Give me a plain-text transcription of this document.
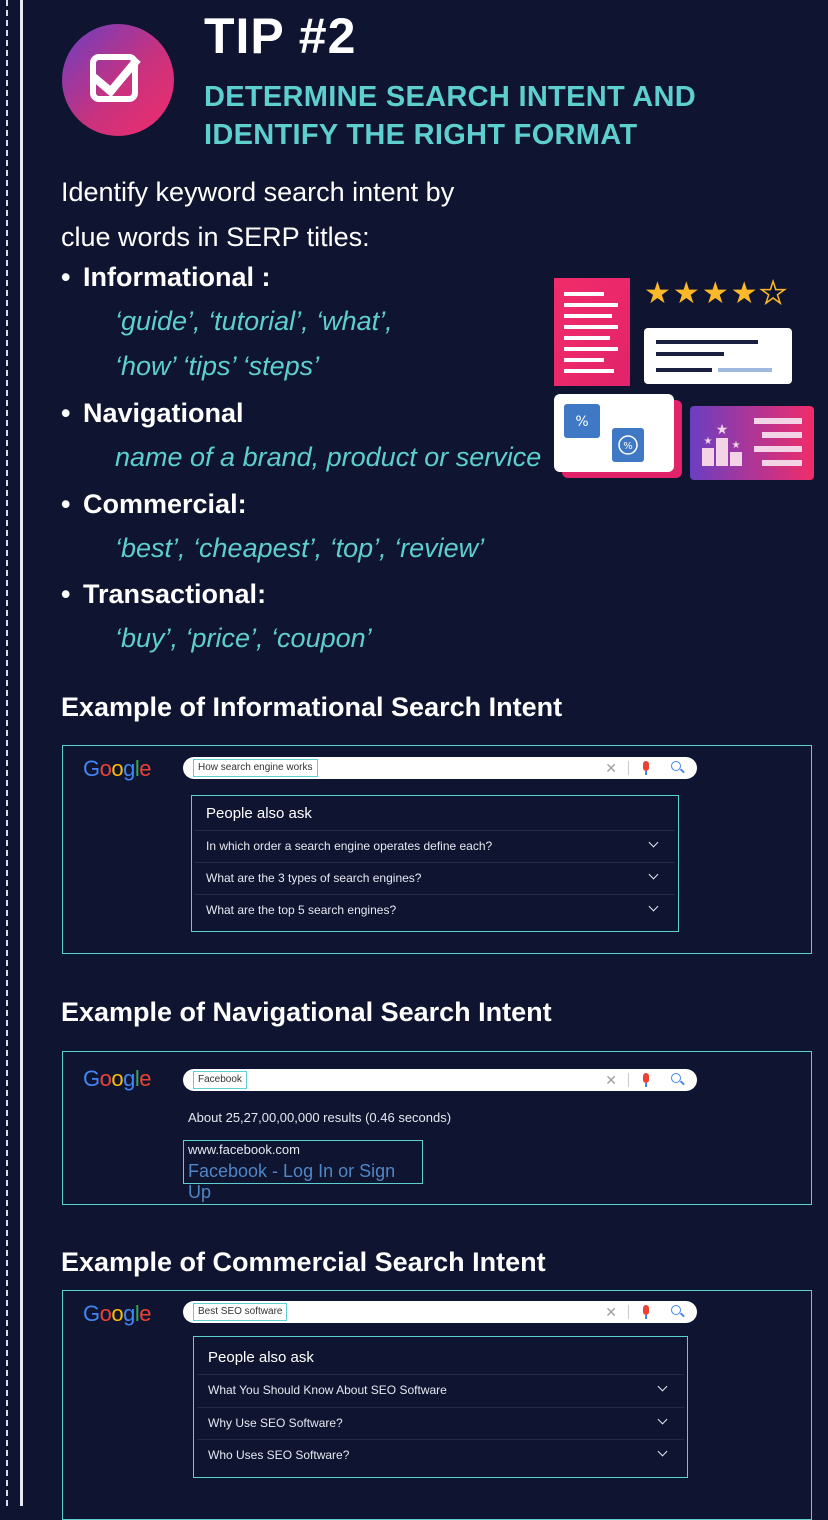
TIP #2
DETERMINE SEARCH INTENT AND
IDENTIFY THE RIGHT FORMAT
Identify keyword search intent by
clue words in SERP titles:
• Informational :
‘guide’, ‘tutorial’, ‘what’,
‘how’ ‘tips’ ‘steps’
• Navigational
name of a brand, product or service
• Commercial:
‘best’, ‘cheapest’, ‘top’, ‘review’
• Transactional:
‘buy’, ‘price’, ‘coupon’
%
%
★
★ ★
★★★★★
Example of Informational Search Intent
Google	How search engine works	✕
People also ask
In which order a search engine operates define each?
What are the 3 types of search engines?
What are the top 5 search engines?
Example of Navigational Search Intent
Google	Facebook	✕
About 25,27,00,00,000 results (0.46 seconds)
www.facebook.com
Facebook - Log In or Sign Up
Example of Commercial Search Intent
Google	Best SEO software	✕
People also ask
What You Should Know About SEO Software
Why Use SEO Software?
Who Uses SEO Software?
